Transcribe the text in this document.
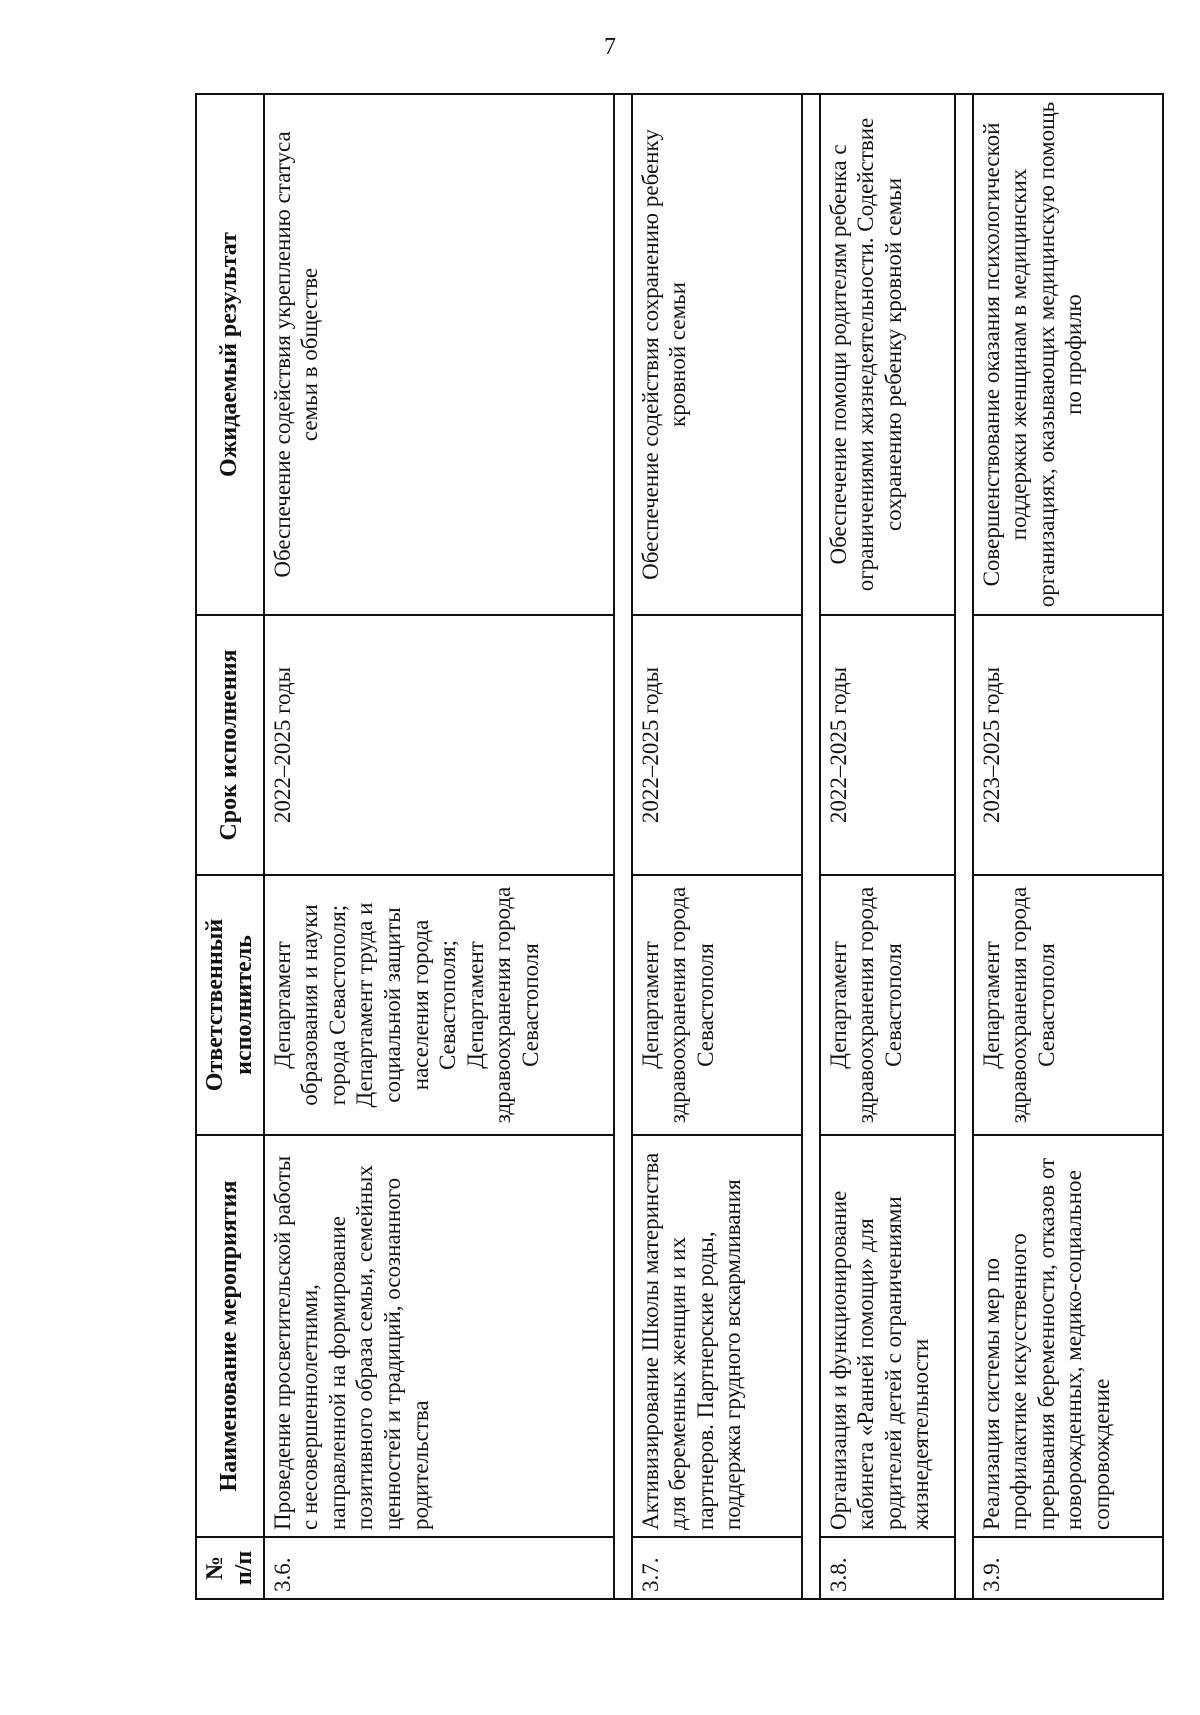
7
№ п/п	Наименование мероприятия	Ответственный исполнитель	Срок исполнения	Ожидаемый результат
3.6.	Проведение просветительской работы с несовершеннолетними, направленной на формирование позитивного образа семьи, семейных ценностей и традиций, осознанного родительства	Департамент образования и науки города Севастополя; Департамент труда и социальной защиты населения города Севастополя; Департамент здравоохранения города Севастополя	2022–2025 годы	Обеспечение содействия укреплению статуса семьи в обществе

3.7.	Активизирование Школы материнства для беременных женщин и их партнеров. Партнерские роды, поддержка грудного вскармливания	Департамент здравоохранения города Севастополя	2022–2025 годы	Обеспечение содействия сохранению ребенку кровной семьи

3.8.	Организация и функционирование кабинета «Ранней помощи» для родителей детей с ограничениями жизнедеятельности	Департамент здравоохранения города Севастополя	2022–2025 годы	Обеспечение помощи родителям ребенка с ограничениями жизнедеятельности. Содействие сохранению ребенку кровной семьи

3.9.	Реализация системы мер по профилактике искусственного прерывания беременности, отказов от новорожденных, медико-социальное сопровождение	Департамент здравоохранения города Севастополя	2023–2025 годы	Совершенствование оказания психологической поддержки женщинам в медицинских организациях, оказывающих медицинскую помощь по профилю
